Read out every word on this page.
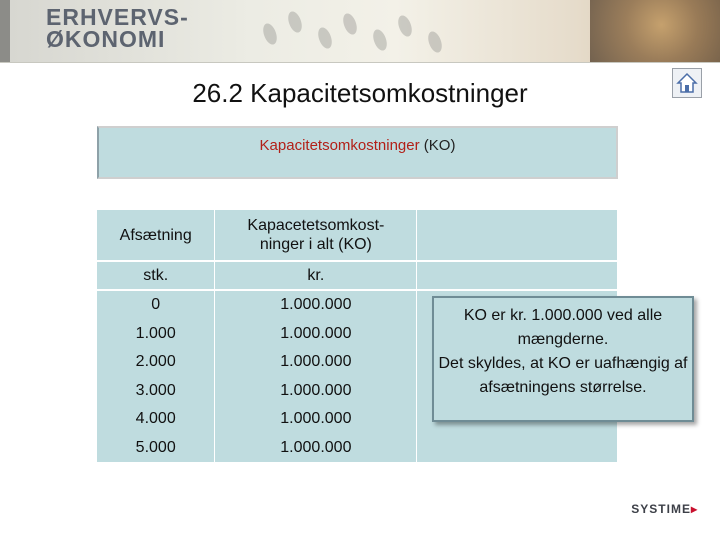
ERHVERVS-
ØKONOMI
26.2 Kapacitetsomkostninger
Kapacitetsomkostninger (KO)
Afsætning	Kapacetetsomkost-ninger i alt (KO)	
stk.	kr.	
0	1.000.000	
1.000	1.000.000	
2.000	1.000.000	
3.000	1.000.000	
4.000	1.000.000	
5.000	1.000.000	
KO er kr. 1.000.000 ved alle mængderne.
Det skyldes, at KO er uafhængig af afsætningens størrelse.
SYSTIME▸
